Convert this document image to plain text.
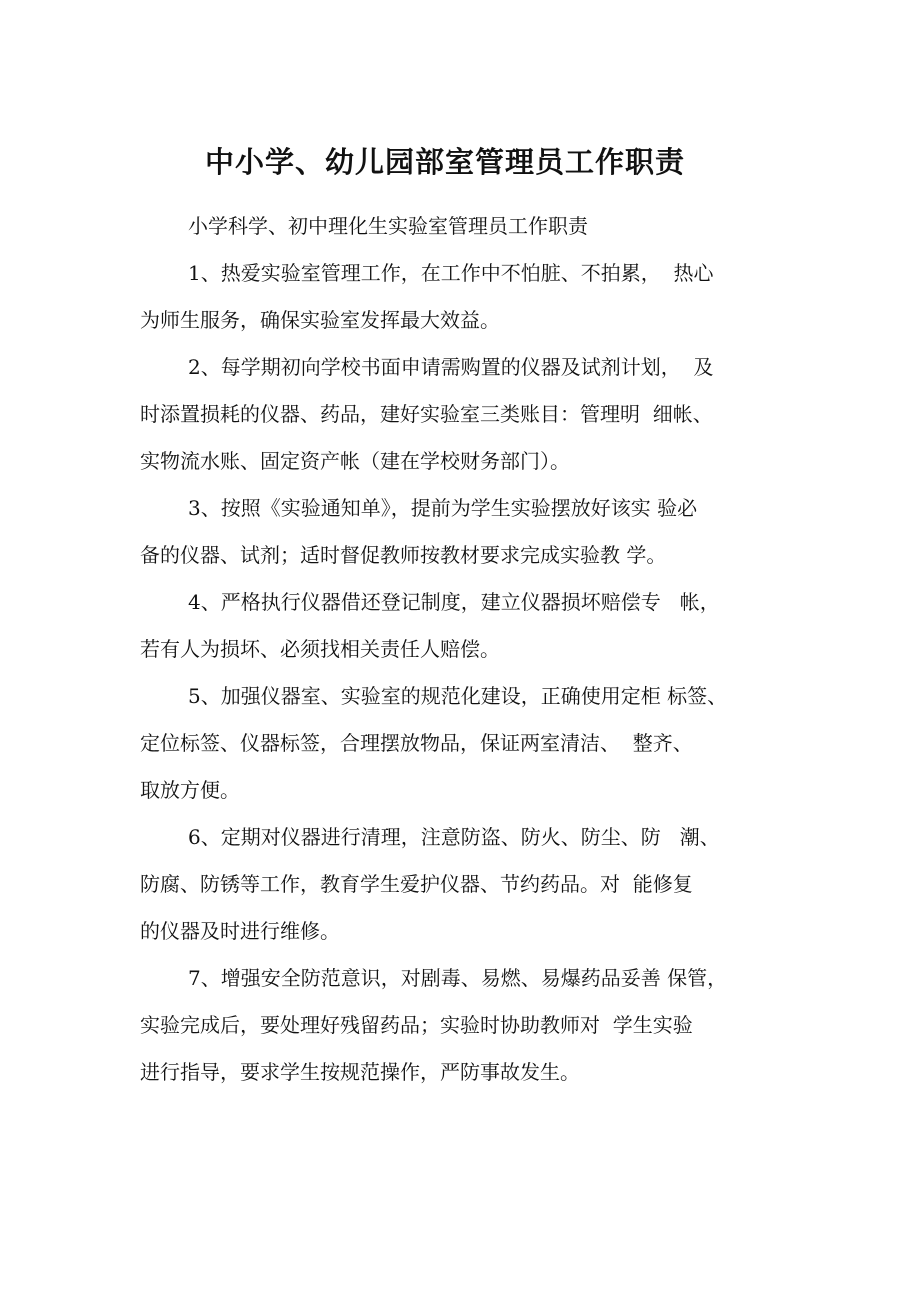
中小学、幼儿园部室管理员工作职责
小学科学、初中理化生实验室管理员工作职责
1、热爱实验室管理工作，在工作中不怕脏、不拍累，  热心
为师生服务，确保实验室发挥最大效益。
2、每学期初向学校书面申请需购置的仪器及试剂计划，  及
时添置损耗的仪器、药品，建好实验室三类账目：管理明  细帐、
实物流水账、固定资产帐（建在学校财务部门）。
3、按照《实验通知单》，提前为学生实验摆放好该实 验必
备的仪器、试剂；适时督促教师按教材要求完成实验教 学。
4、严格执行仪器借还登记制度，建立仪器损坏赔偿专   帐，
若有人为损坏、必须找相关责任人赔偿。
5、加强仪器室、实验室的规范化建设，正确使用定柜 标签、
定位标签、仪器标签，合理摆放物品，保证两室清洁、  整齐、
取放方便。
6、定期对仪器进行清理，注意防盗、防火、防尘、防   潮、
防腐、防锈等工作，教育学生爱护仪器、节约药品。对  能修复
的仪器及时进行维修。
7、增强安全防范意识，对剧毒、易燃、易爆药品妥善 保管，
实验完成后，要处理好残留药品；实验时协助教师对  学生实验
进行指导，要求学生按规范操作，严防事故发生。
